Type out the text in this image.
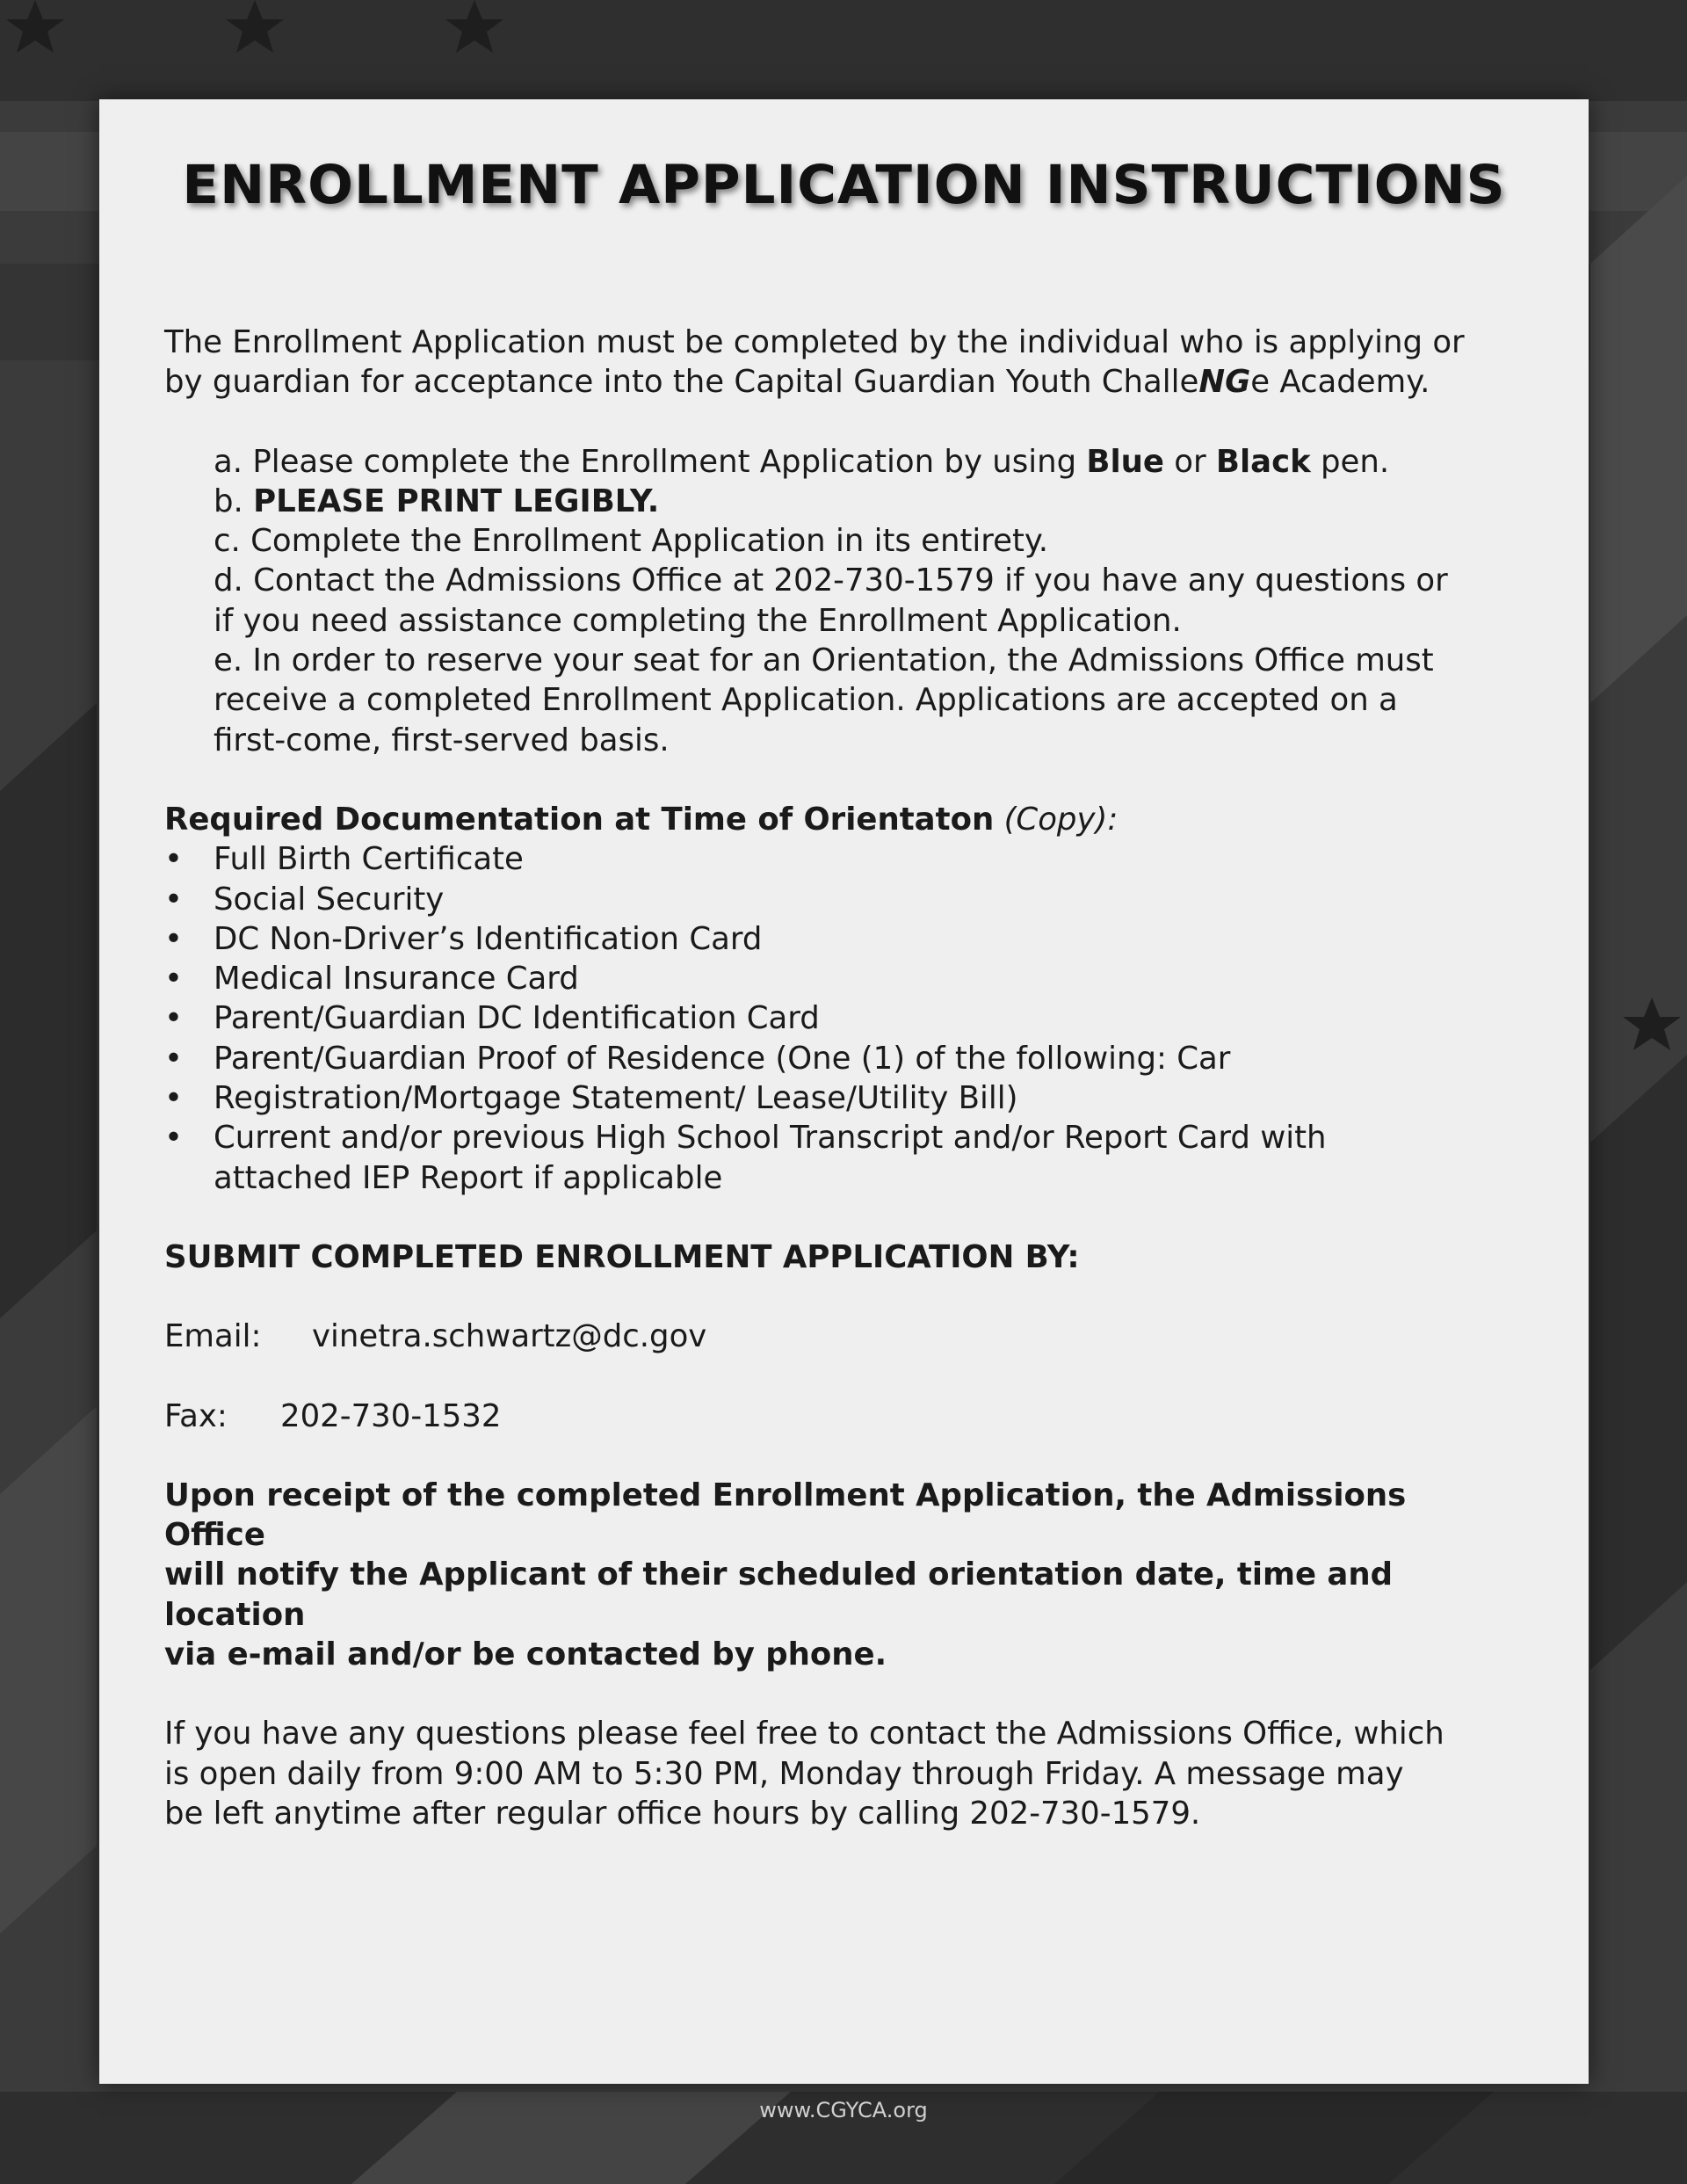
ENROLLMENT APPLICATION INSTRUCTIONS

The Enrollment Application must be completed by the individual who is applying or
by guardian for acceptance into the Capital Guardian Youth ChalleNGe Academy.

a. Please complete the Enrollment Application by using Blue or Black pen.

b. PLEASE PRINT LEGIBLY.

c. Complete the Enrollment Application in its entirety.

d. Contact the Admissions Office at 202-730-1579 if you have any questions or

if you need assistance completing the Enrollment Application.

e. In order to reserve your seat for an Orientation, the Admissions Office must

receive a completed Enrollment Application. Applications are accepted on a

first-come, first-served basis.

Required Documentation at Time of Orientaton (Copy):

• Full Birth Certificate

• Social Security

• DC Non-Driver’s Identification Card

• Medical Insurance Card

• Parent/Guardian DC Identification Card

• Parent/Guardian Proof of Residence (One (1) of the following: Car

• Registration/Mortgage Statement/ Lease/Utility Bill)

• Current and/or previous High School Transcript and/or Report Card with
attached IEP Report if applicable

SUBMIT COMPLETED ENROLLMENT APPLICATION BY:

Email: vinetra.schwartz@dc.gov

Fax: 202-730-1532

Upon receipt of the completed Enrollment Application, the Admissions Office
will notify the Applicant of their scheduled orientation date, time and location
via e-mail and/or be contacted by phone.

If you have any questions please feel free to contact the Admissions Office, which
is open daily from 9:00 AM to 5:30 PM, Monday through Friday. A message may
be left anytime after regular office hours by calling 202-730-1579.

www.CGYCA.org
